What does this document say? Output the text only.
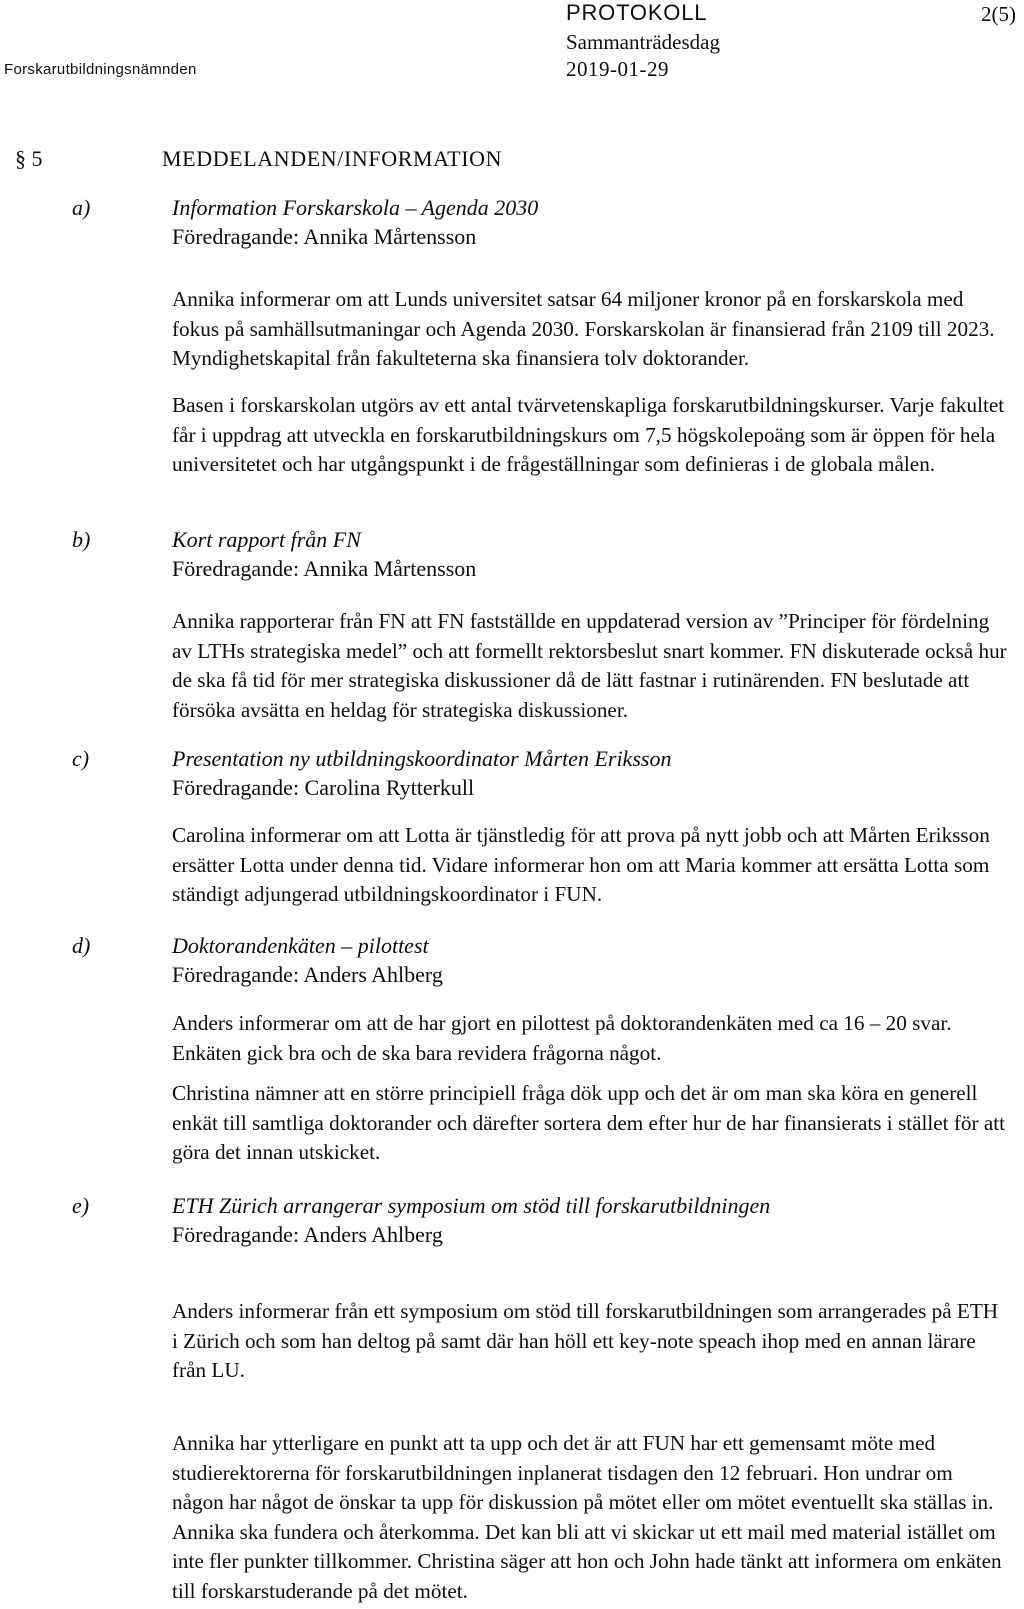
Forskarutbildningsnämnden
PROTOKOLL
Sammanträdesdag
2019-01-29
2(5)
§ 5	MEDDELANDEN/INFORMATION
a)	Information Forskarskola – Agenda 2030
Föredragande: Annika Mårtensson

Annika informerar om att Lunds universitet satsar 64 miljoner kronor på en forskarskola med fokus på samhällsutmaningar och Agenda 2030. Forskarskolan är finansierad från 2109 till 2023. Myndighetskapital från fakulteterna ska finansiera tolv doktorander.

Basen i forskarskolan utgörs av ett antal tvärvetenskapliga forskarutbildningskurser. Varje fakultet får i uppdrag att utveckla en forskarutbildningskurs om 7,5 högskolepoäng som är öppen för hela universitetet och har utgångspunkt i de frågeställningar som definieras i de globala målen.

b)	Kort rapport från FN
Föredragande: Annika Mårtensson

Annika rapporterar från FN att FN fastställde en uppdaterad version av ”Principer för fördelning av LTHs strategiska medel” och att formellt rektorsbeslut snart kommer. FN diskuterade också hur de ska få tid för mer strategiska diskussioner då de lätt fastnar i rutinärenden. FN beslutade att försöka avsätta en heldag för strategiska diskussioner.

c)	Presentation ny utbildningskoordinator Mårten Eriksson
Föredragande: Carolina Rytterkull

Carolina informerar om att Lotta är tjänstledig för att prova på nytt jobb och att Mårten Eriksson ersätter Lotta under denna tid. Vidare informerar hon om att Maria kommer att ersätta Lotta som ständigt adjungerad utbildningskoordinator i FUN.

d)	Doktorandenkäten – pilottest
Föredragande: Anders Ahlberg

Anders informerar om att de har gjort en pilottest på doktorandenkäten med ca 16 – 20 svar. Enkäten gick bra och de ska bara revidera frågorna något.

Christina nämner att en större principiell fråga dök upp och det är om man ska köra en generell enkät till samtliga doktorander och därefter sortera dem efter hur de har finansierats i stället för att göra det innan utskicket.

e)	ETH Zürich arrangerar symposium om stöd till forskarutbildningen
Föredragande: Anders Ahlberg

Anders informerar från ett symposium om stöd till forskarutbildningen som arrangerades på ETH i Zürich och som han deltog på samt där han höll ett key-note speach ihop med en annan lärare från LU.

Annika har ytterligare en punkt att ta upp och det är att FUN har ett gemensamt möte med studierektorerna för forskarutbildningen inplanerat tisdagen den 12 februari. Hon undrar om någon har något de önskar ta upp för diskussion på mötet eller om mötet eventuellt ska ställas in. Annika ska fundera och återkomma. Det kan bli att vi skickar ut ett mail med material istället om inte fler punkter tillkommer. Christina säger att hon och John hade tänkt att informera om enkäten till forskarstuderande på det mötet.
